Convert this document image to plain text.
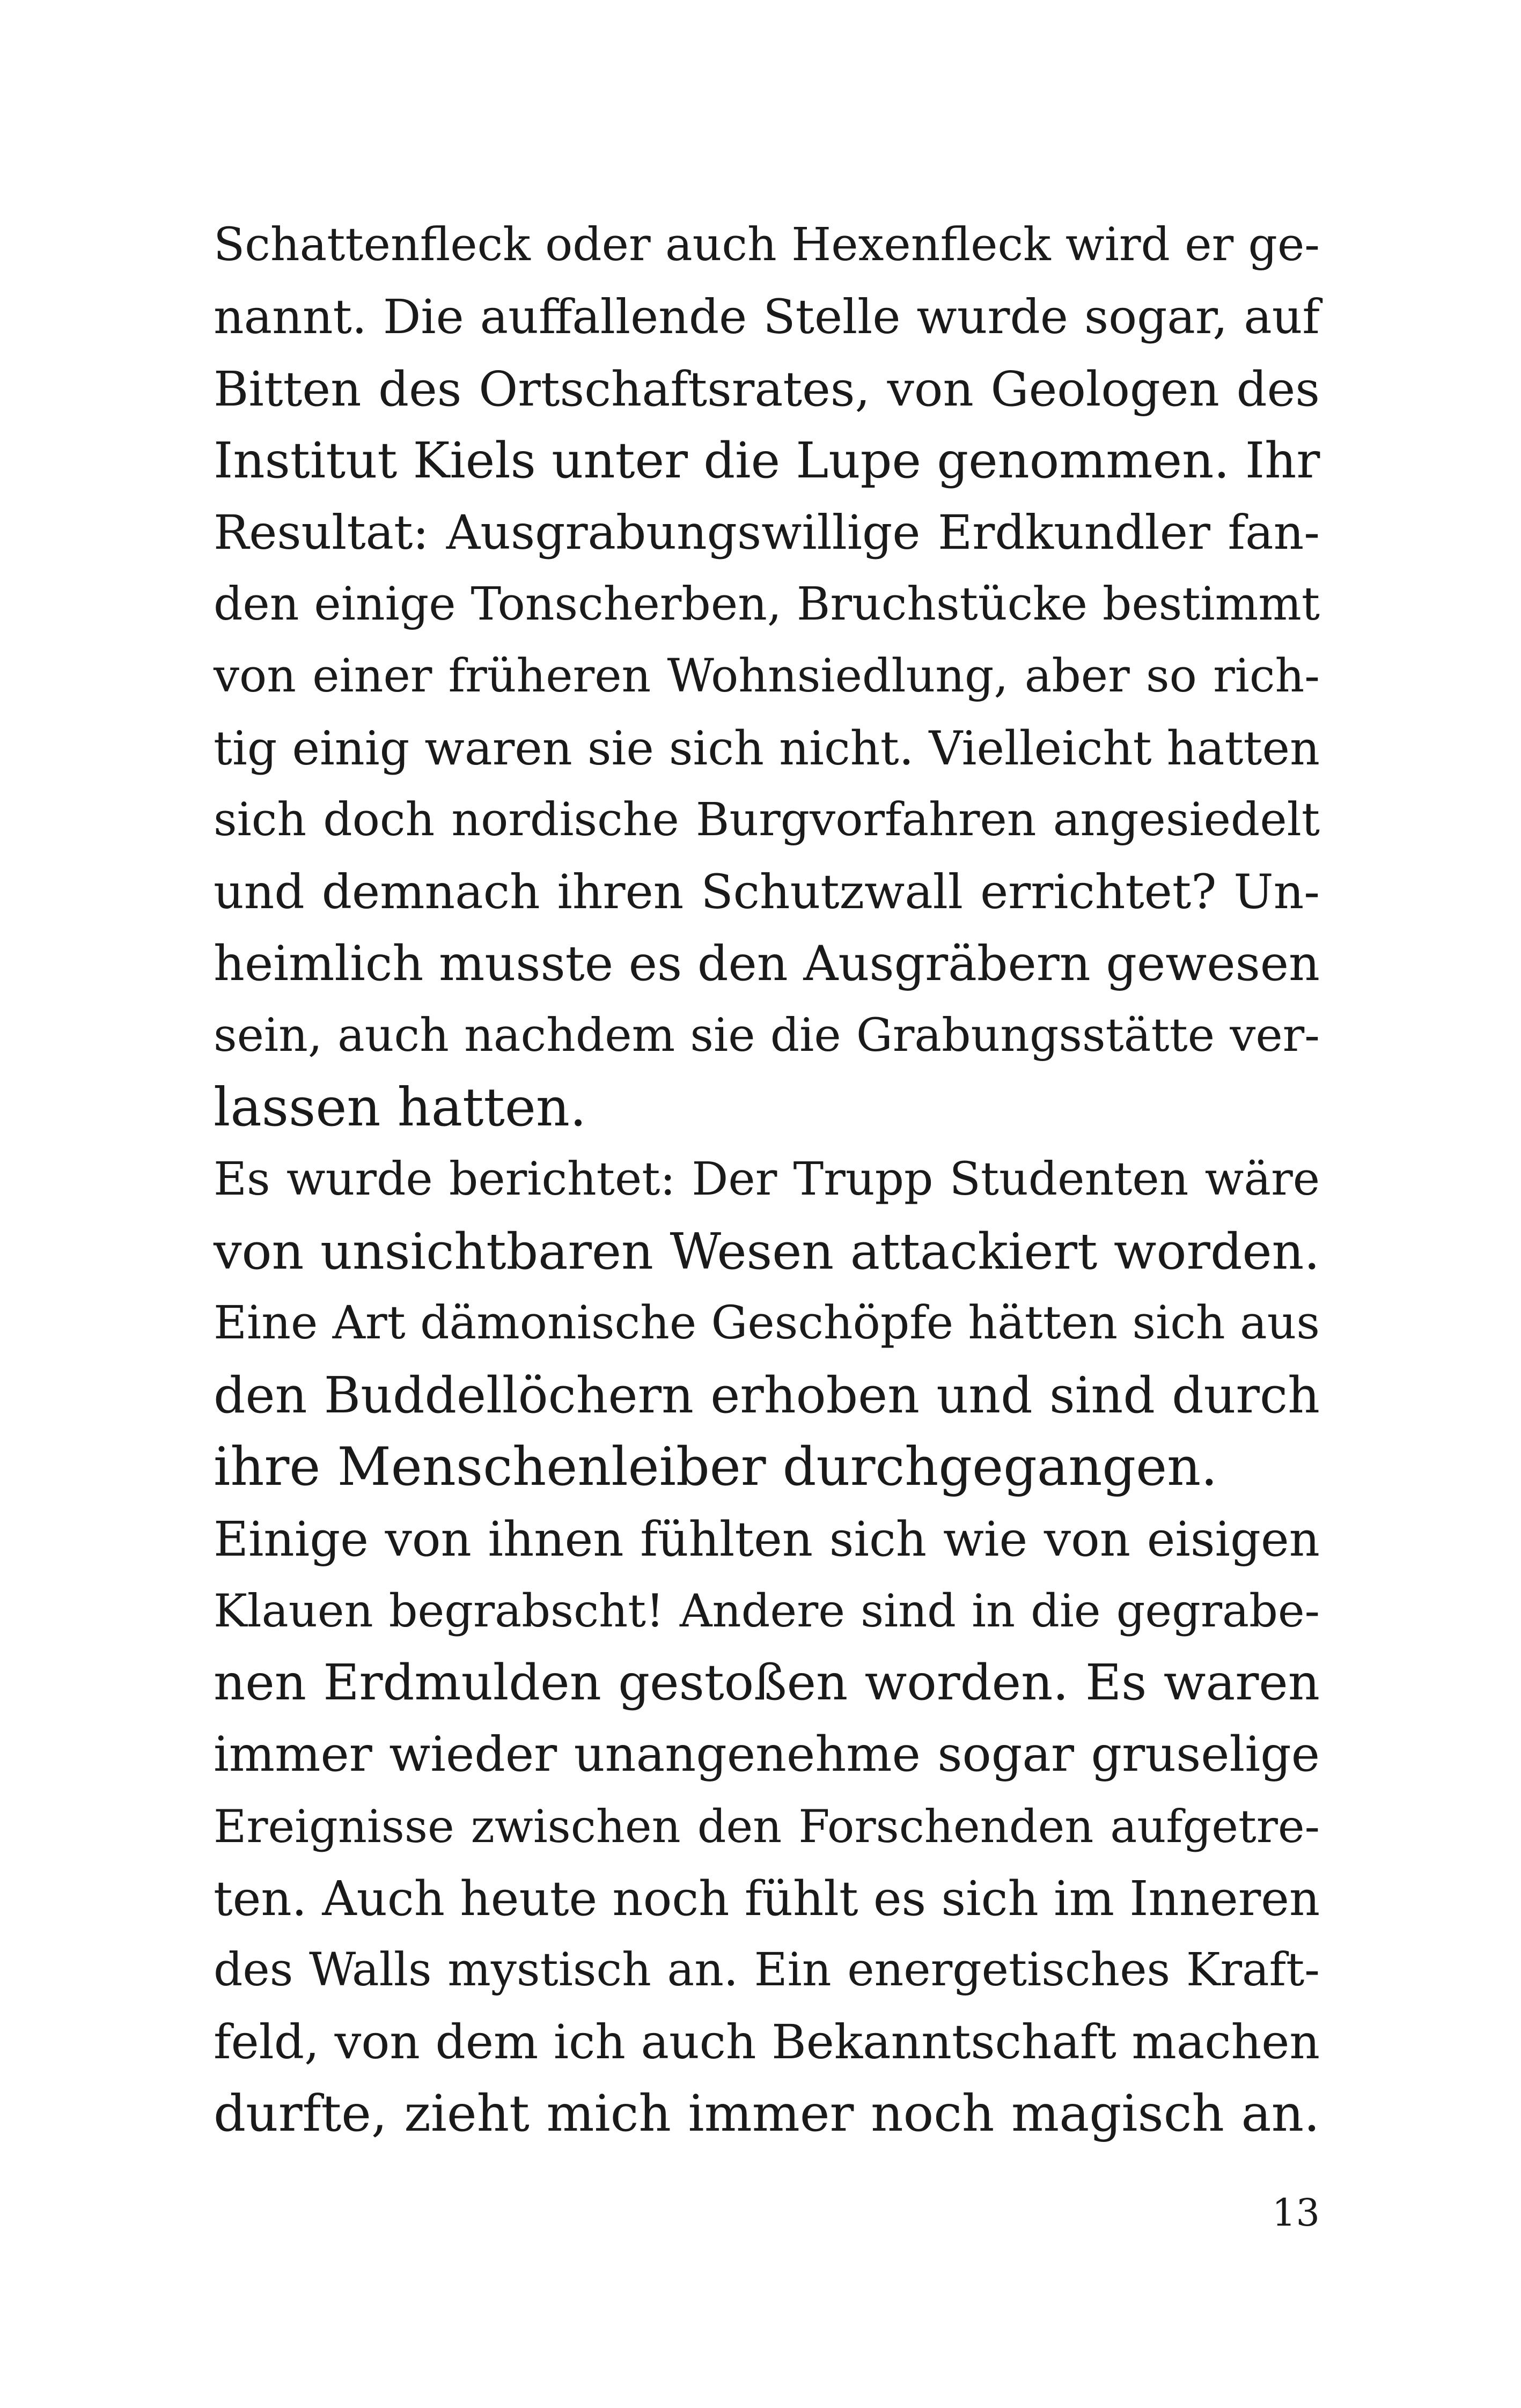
Schattenfleck oder auch Hexenfleck wird er ge-
nannt. Die auffallende Stelle wurde sogar, auf
Bitten des Ortschaftsrates, von Geologen des
Institut Kiels unter die Lupe genommen. Ihr
Resultat: Ausgrabungswillige Erdkundler fan-
den einige Tonscherben, Bruchstücke bestimmt
von einer früheren Wohnsiedlung, aber so rich-
tig einig waren sie sich nicht. Vielleicht hatten
sich doch nordische Burgvorfahren angesiedelt
und demnach ihren Schutzwall errichtet? Un-
heimlich musste es den Ausgräbern gewesen
sein, auch nachdem sie die Grabungsstätte ver-
lassen hatten.
Es wurde berichtet: Der Trupp Studenten wäre
von unsichtbaren Wesen attackiert worden.
Eine Art dämonische Geschöpfe hätten sich aus
den Buddellöchern erhoben und sind durch
ihre Menschenleiber durchgegangen.
Einige von ihnen fühlten sich wie von eisigen
Klauen begrabscht! Andere sind in die gegrabe-
nen Erdmulden gestoßen worden. Es waren
immer wieder unangenehme sogar gruselige
Ereignisse zwischen den Forschenden aufgetre-
ten. Auch heute noch fühlt es sich im Inneren
des Walls mystisch an. Ein energetisches Kraft-
feld, von dem ich auch Bekanntschaft machen
durfte, zieht mich immer noch magisch an.
13
